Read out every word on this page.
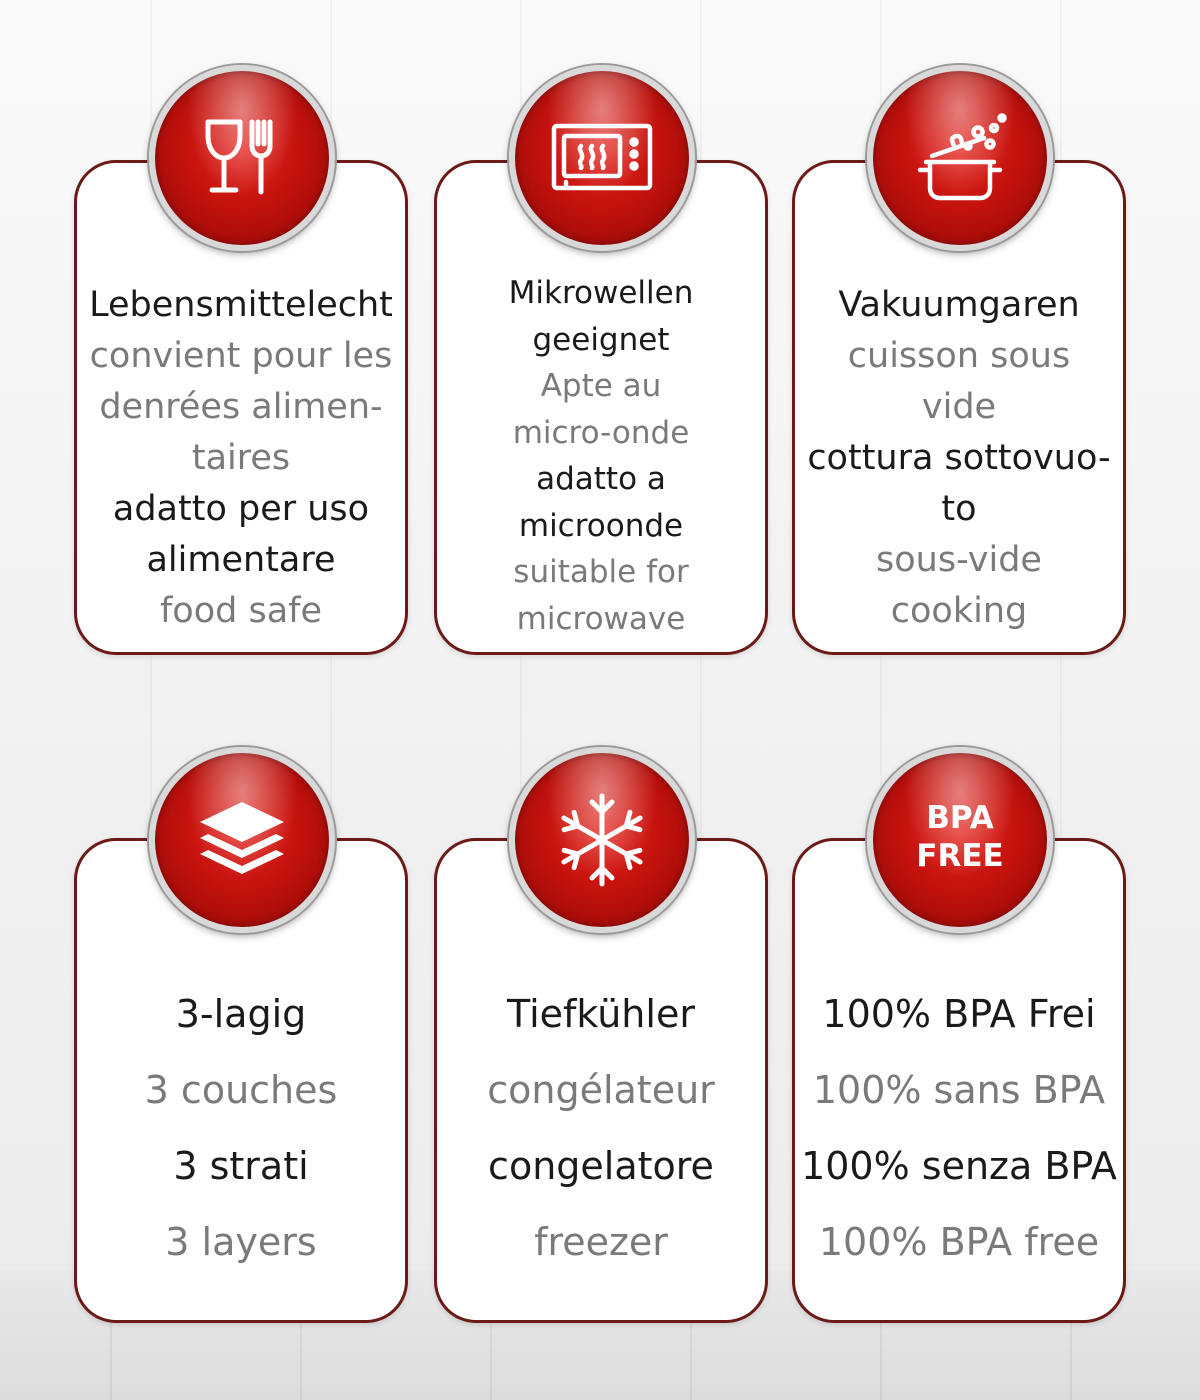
Lebensmittelecht
convient pour les
denrées alimen-
taires
adatto per uso
alimentare
food safe
Mikrowellen
geeignet
Apte au
micro-onde
adatto a
microonde
suitable for
microwave
Vakuumgaren
cuisson sous
vide
cottura sottovuo-
to
sous-vide
cooking
3-lagig
3 couches
3 strati
3 layers
Tiefkühler
congélateur
congelatore
freezer
100% BPA Frei
100% sans BPA
100% senza BPA
100% BPA free
BPA
FREE
